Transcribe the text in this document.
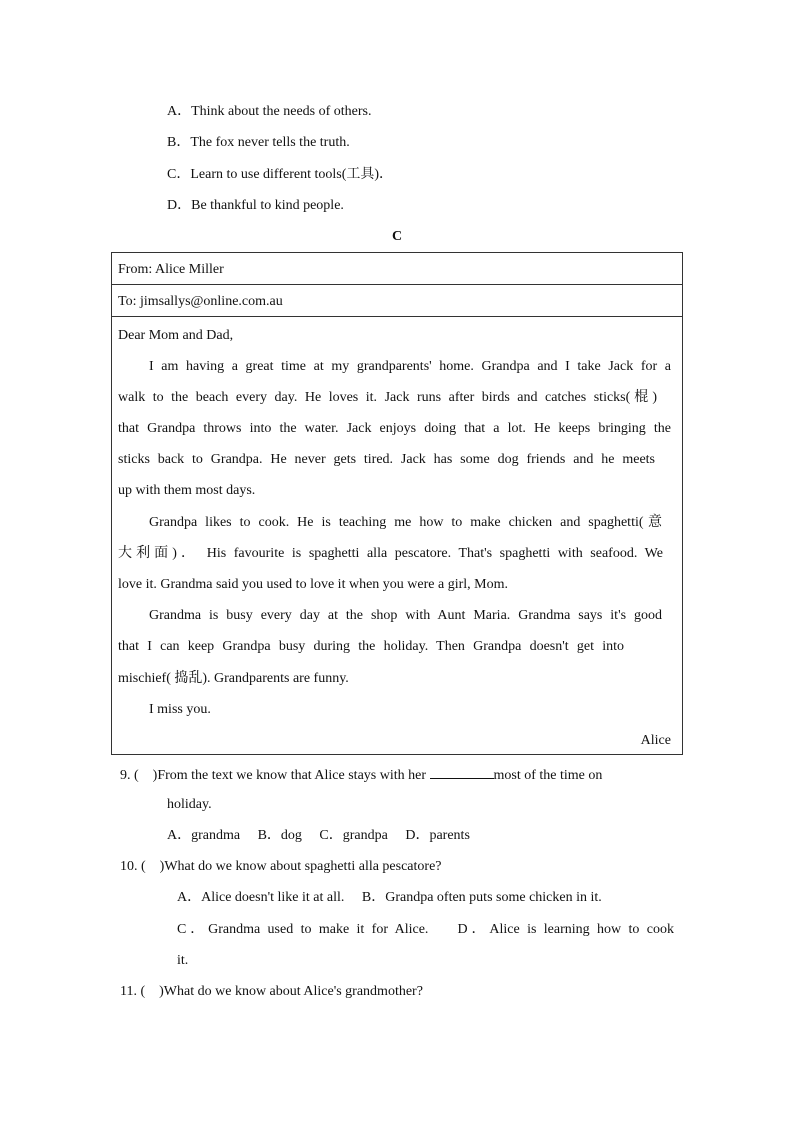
A．Think about the needs of others.
B．The fox never tells the truth.
C．Learn to use different tools(工具)．
D．Be thankful to kind people.
C
From: Alice Miller
To: jimsallys@online.com.au
Dear Mom and Dad,
I am having a great time at my grandparents' home. Grandpa and I take Jack for a
walk to the beach every day. He loves it. Jack runs after birds and catches sticks(棍)
that Grandpa throws into the water. Jack enjoys doing that a lot. He keeps bringing the
sticks back to Grandpa. He never gets tired. Jack has some dog friends and he meets
up with them most days.
Grandpa likes to cook. He is teaching me how to make chicken and spaghetti(意
大利面)． His favourite is spaghetti alla pescatore. That's spaghetti with seafood. We
love it. Grandma said you used to love it when you were a girl, Mom.
Grandma is busy every day at the shop with Aunt Maria. Grandma says it's good
that I can keep Grandpa busy during the holiday. Then Grandpa doesn't get into
mischief( 捣乱). Grandparents are funny.
I miss you.
Alice
9. (　)From the text we know that Alice stays with her	most of the time on
holiday.
A．grandma　 B．dog　 C．grandpa　 D．parents
10. (　)What do we know about spaghetti alla pescatore?
A．Alice doesn't like it at all.　 B．Grandpa often puts some chicken in it.
C．Grandma used to make it for Alice.　 D．Alice is learning how to cook
it.
11. (　)What do we know about Alice's grandmother?
